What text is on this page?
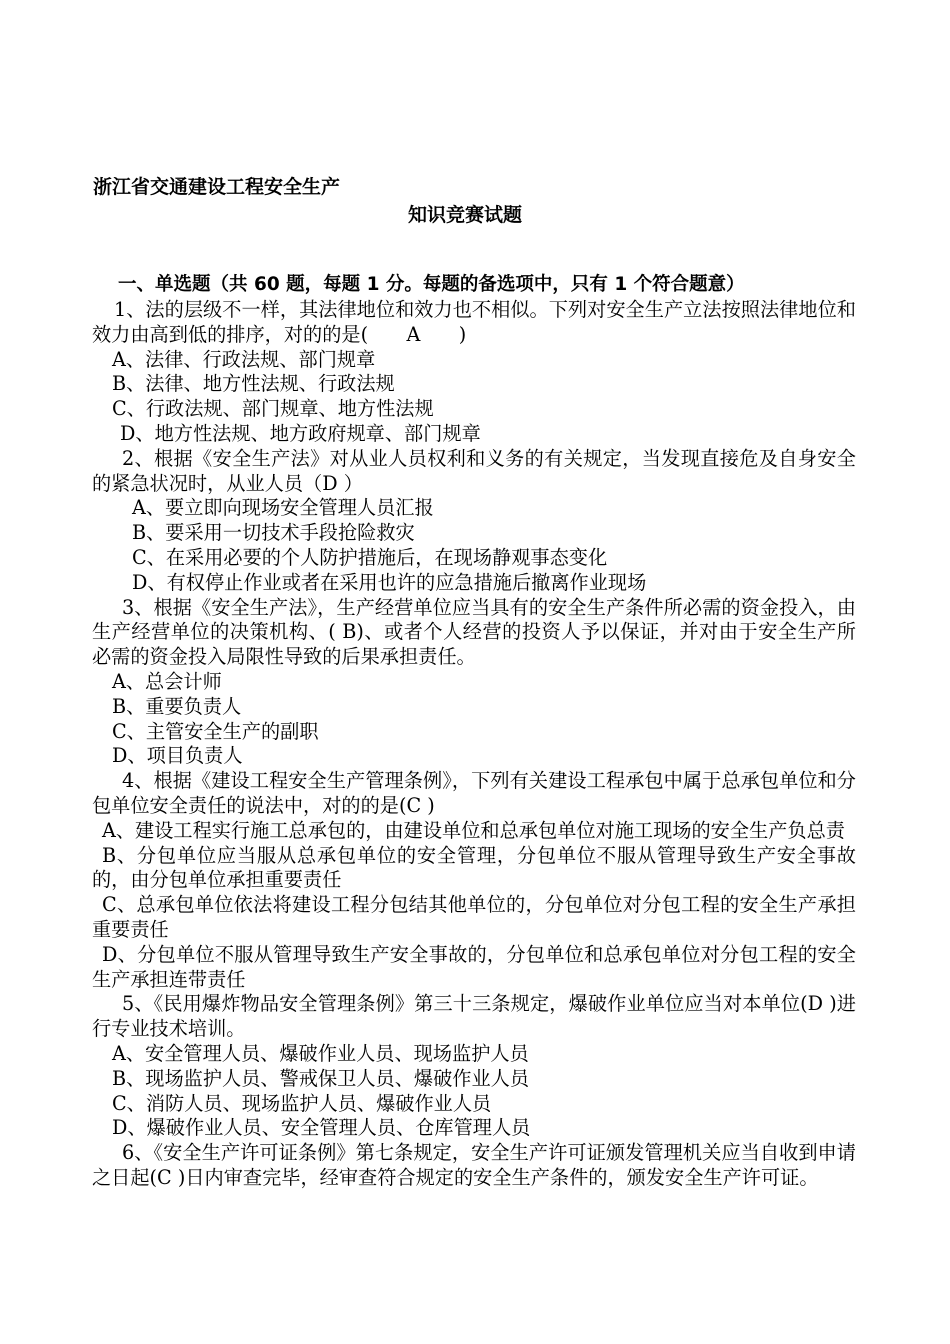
浙江省交通建设工程安全生产
知识竞赛试题
一、单选题（共 60 题，每题 1 分。每题的备选项中，只有 1 个符合题意）

1、法的层级不一样，其法律地位和效力也不相似。下列对安全生产立法按照法律地位和效力由高到低的排序，对的的是(　　A　　)

A、法律、行政法规、部门规章

B、法律、地方性法规、行政法规

C、行政法规、部门规章、地方性法规

D、地方性法规、地方政府规章、部门规章

2、根据《安全生产法》对从业人员权利和义务的有关规定，当发现直接危及自身安全的紧急状况时，从业人员（D ）

A、要立即向现场安全管理人员汇报

B、要采用一切技术手段抢险救灾

C、在采用必要的个人防护措施后，在现场静观事态变化

D、有权停止作业或者在采用也许的应急措施后撤离作业现场

3、根据《安全生产法》，生产经营单位应当具有的安全生产条件所必需的资金投入，由生产经营单位的决策机构、( B)、或者个人经营的投资人予以保证，并对由于安全生产所必需的资金投入局限性导致的后果承担责任。

A、总会计师

B、重要负责人

C、主管安全生产的副职

D、项目负责人

4、根据《建设工程安全生产管理条例》，下列有关建设工程承包中属于总承包单位和分包单位安全责任的说法中，对的的是(C )

A、建设工程实行施工总承包的，由建设单位和总承包单位对施工现场的安全生产负总责

B、分包单位应当服从总承包单位的安全管理，分包单位不服从管理导致生产安全事故的，由分包单位承担重要责任

C、总承包单位依法将建设工程分包结其他单位的，分包单位对分包工程的安全生产承担重要责任

D、分包单位不服从管理导致生产安全事故的，分包单位和总承包单位对分包工程的安全生产承担连带责任

5、《民用爆炸物品安全管理条例》第三十三条规定，爆破作业单位应当对本单位(D )进行专业技术培训。

A、安全管理人员、爆破作业人员、现场监护人员

B、现场监护人员、警戒保卫人员、爆破作业人员

C、消防人员、现场监护人员、爆破作业人员

D、爆破作业人员、安全管理人员、仓库管理人员

6、《安全生产许可证条例》第七条规定，安全生产许可证颁发管理机关应当自收到申请之日起(C )日内审查完毕，经审查符合规定的安全生产条件的，颁发安全生产许可证。
